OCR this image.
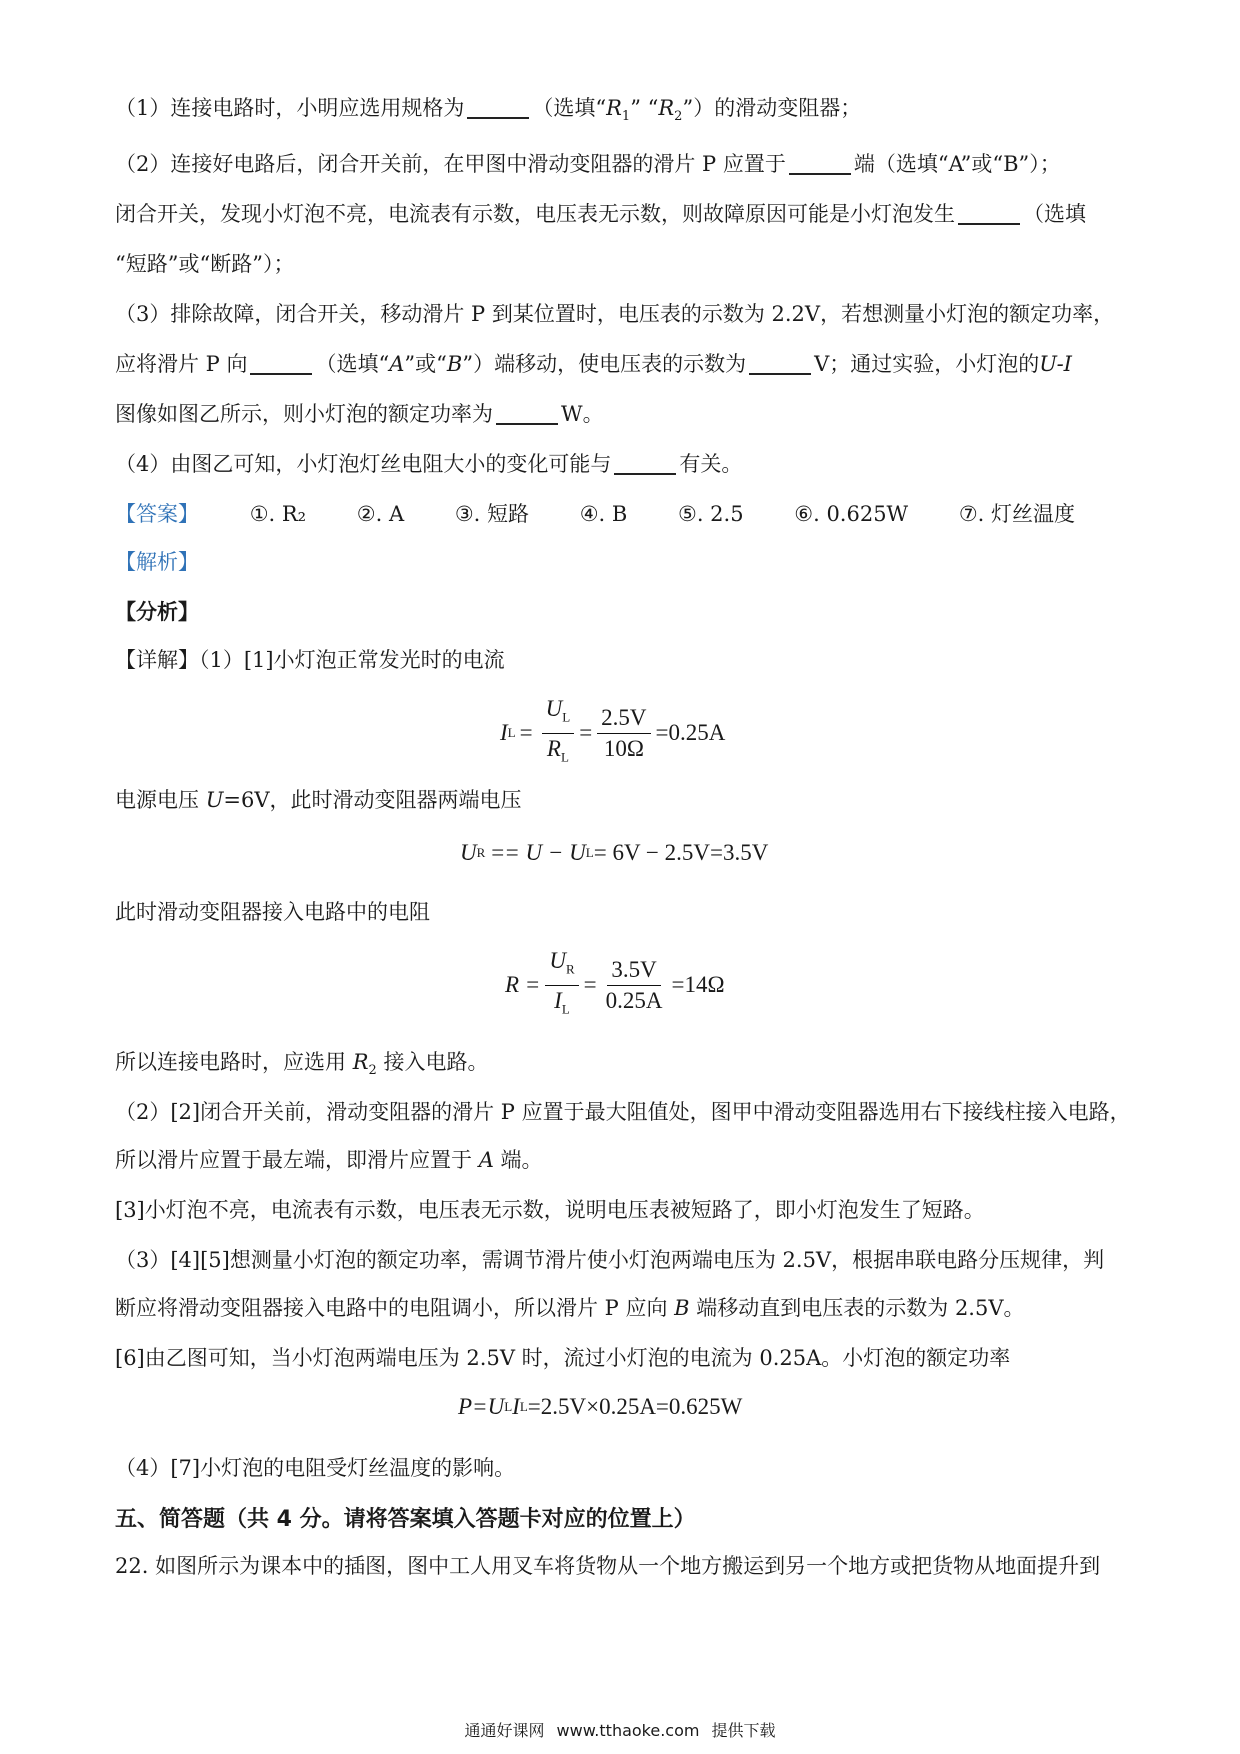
（1）连接电路时，小明应选用规格为	（选填“$R_1$” “$R_2$”）的滑动变阻器；
（2）连接好电路后，闭合开关前，在甲图中滑动变阻器的滑片 P 应置于	端（选填“A”或“B”）；
闭合开关，发现小灯泡不亮，电流表有示数，电压表无示数，则故障原因可能是小灯泡发生	（选填
“短路”或“断路”）；
（3）排除故障，闭合开关，移动滑片 P 到某位置时，电压表的示数为 2.2V，若想测量小灯泡的额定功率，
应将滑片 P 向	（选填“A”或“B”）端移动，使电压表的示数为	V；通过实验，小灯泡的U-I
图像如图乙所示，则小灯泡的额定功率为	W。
（4）由图乙可知，小灯泡灯丝电阻大小的变化可能与	有关。
【答案】 ①. R₂ ②. A ③. 短路 ④. B ⑤. 2.5 ⑥. 0.625W ⑦. 灯丝温度
【解析】
【分析】
【详解】（1）[1]小灯泡正常发光时的电流
I $L = \frac{U_L}{R_L} = \frac{2.5V}{10\Omega} =0.25A$
电源电压 U=6V，此时滑动变阻器两端电压
U R = = U − U L = 6V − 2.5V=3.5V
此时滑动变阻器接入电路中的电阻
$R = \frac{U_R}{I_L} = \frac{3.5V}{0.25A} =14\Omega$
所以连接电路时，应选用 $R_2$ 接入电路。
（2）[2]闭合开关前，滑动变阻器的滑片 P 应置于最大阻值处，图甲中滑动变阻器选用右下接线柱接入电路，
所以滑片应置于最左端，即滑片应置于 A 端。
[3]小灯泡不亮，电流表有示数，电压表无示数，说明电压表被短路了，即小灯泡发生了短路。
（3）[4][5]想测量小灯泡的额定功率，需调节滑片使小灯泡两端电压为 2.5V，根据串联电路分压规律，判
断应将滑动变阻器接入电路中的电阻调小，所以滑片 P 应向 B 端移动直到电压表的示数为 2.5V。
[6]由乙图可知，当小灯泡两端电压为 2.5V 时，流过小灯泡的电流为 0.25A。小灯泡的额定功率
P=U L I L =2.5V×0.25A=0.625W
（4）[7]小灯泡的电阻受灯丝温度的影响。
五、简答题（共 4 分。请将答案填入答题卡对应的位置上）
22. 如图所示为课本中的插图，图中工人用叉车将货物从一个地方搬运到另一个地方或把货物从地面提升到
通通好课网 www.tthaoke.com 提供下载
